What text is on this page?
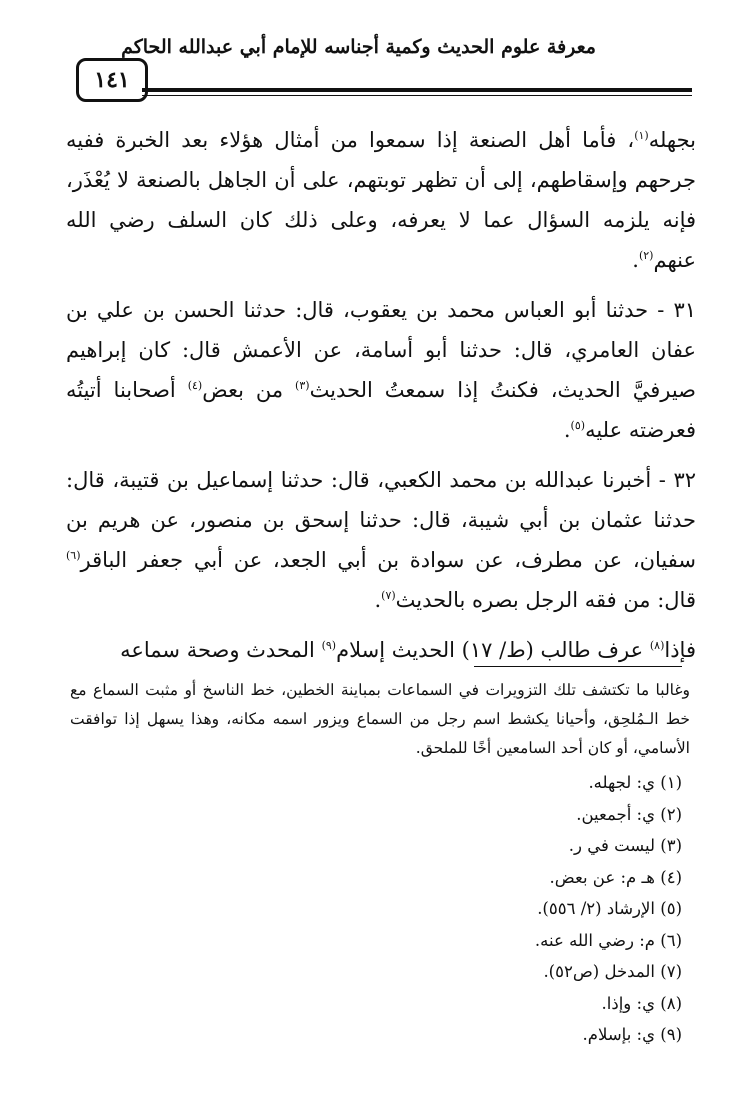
معرفة علوم الحديث وكمية أجناسه للإمام أبي عبدالله الحاكم
١٤١

بجهله$^{(١)}$، فأما أهل الصنعة إذا سمعوا من أمثال هؤلاء بعد الخبرة ففيه جرحهم وإسقاطهم، إلى أن تظهر توبتهم، على أن الجاهل بالصنعة لا يُعْذَر، فإنه يلزمه السؤال عما لا يعرفه، وعلى ذلك كان السلف رضي الله عنهم$^{(٢)}$.

٣١ - حدثنا أبو العباس محمد بن يعقوب، قال: حدثنا الحسن بن علي بن عفان العامري، قال: حدثنا أبو أسامة، عن الأعمش قال: كان إبراهيم صيرفيَّ الحديث، فكنتُ إذا سمعتُ الحديث$^{(٣)}$ من بعض$^{(٤)}$ أصحابنا أتيتُه فعرضته عليه$^{(٥)}$.

٣٢ - أخبرنا عبدالله بن محمد الكعبي، قال: حدثنا إسماعيل بن قتيبة، قال: حدثنا عثمان بن أبي شيبة، قال: حدثنا إسحق بن منصور، عن هريم بن سفيان، عن مطرف، عن سوادة بن أبي الجعد، عن أبي جعفر الباقر$^{(٦)}$ قال: من فقه الرجل بصره بالحديث$^{(٧)}$.

فإذا$^{(٨)}$ عرف طالب (ط/ ١٧) الحديث إسلام$^{(٩)}$ المحدث وصحة سماعه

وغالبا ما تكتشف تلك التزويرات في السماعات بمباينة الخطين، خط الناسخ أو مثبت السماع مع خط الـمُلحِق، وأحيانا يكشط اسم رجل من السماع ويزور اسمه مكانه، وهذا يسهل إذا توافقت الأسامي، أو كان أحد السامعين أخًا للملحق.

(١) ي: لجهله.
(٢) ي: أجمعين.
(٣) ليست في ر.
(٤) هـ م: عن بعض.
(٥) الإرشاد (٢/ ٥٥٦).
(٦) م: رضي الله عنه.
(٧) المدخل (ص٥٢).
(٨) ي: وإذا.
(٩) ي: بإسلام.
